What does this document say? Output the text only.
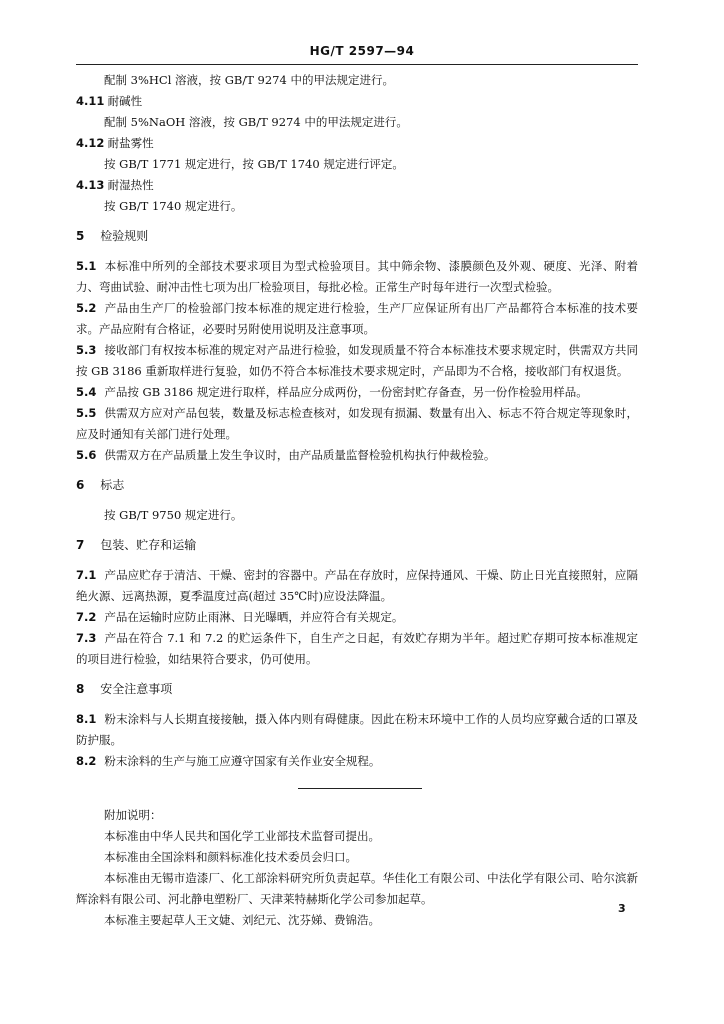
HG/T 2597—94
配制 3%HCl 溶液，按 GB/T 9274 中的甲法规定进行。
4.11 耐碱性
配制 5%NaOH 溶液，按 GB/T 9274 中的甲法规定进行。
4.12 耐盐雾性
按 GB/T 1771 规定进行，按 GB/T 1740 规定进行评定。
4.13 耐湿热性
按 GB/T 1740 规定进行。
5 检验规则
5.1 本标准中所列的全部技术要求项目为型式检验项目。其中筛余物、漆膜颜色及外观、硬度、光泽、附着力、弯曲试验、耐冲击性七项为出厂检验项目，每批必检。正常生产时每年进行一次型式检验。
5.2 产品由生产厂的检验部门按本标准的规定进行检验，生产厂应保证所有出厂产品都符合本标准的技术要求。产品应附有合格证，必要时另附使用说明及注意事项。
5.3 接收部门有权按本标准的规定对产品进行检验，如发现质量不符合本标准技术要求规定时，供需双方共同按 GB 3186 重新取样进行复验，如仍不符合本标准技术要求规定时，产品即为不合格，接收部门有权退货。
5.4 产品按 GB 3186 规定进行取样，样品应分成两份，一份密封贮存备查，另一份作检验用样品。
5.5 供需双方应对产品包装，数量及标志检查核对，如发现有损漏、数量有出入、标志不符合规定等现象时，应及时通知有关部门进行处理。
5.6 供需双方在产品质量上发生争议时，由产品质量监督检验机构执行仲裁检验。
6 标志
按 GB/T 9750 规定进行。
7 包装、贮存和运输
7.1 产品应贮存于清洁、干燥、密封的容器中。产品在存放时，应保持通风、干燥、防止日光直接照射，应隔绝火源、远离热源，夏季温度过高(超过 35℃时)应设法降温。
7.2 产品在运输时应防止雨淋、日光曝晒，并应符合有关规定。
7.3 产品在符合 7.1 和 7.2 的贮运条件下，自生产之日起，有效贮存期为半年。超过贮存期可按本标准规定的项目进行检验，如结果符合要求，仍可使用。
8 安全注意事项
8.1 粉末涂料与人长期直接接触，摄入体内则有碍健康。因此在粉末环境中工作的人员均应穿戴合适的口罩及防护服。
8.2 粉末涂料的生产与施工应遵守国家有关作业安全规程。
附加说明：
本标准由中华人民共和国化学工业部技术监督司提出。
本标准由全国涂料和颜料标准化技术委员会归口。
本标准由无锡市造漆厂、化工部涂料研究所负责起草。华佳化工有限公司、中法化学有限公司、哈尔滨新辉涂料有限公司、河北静电塑粉厂、天津莱特赫斯化学公司参加起草。
本标准主要起草人王文婕、刘纪元、沈芬娣、费锦浩。
3
